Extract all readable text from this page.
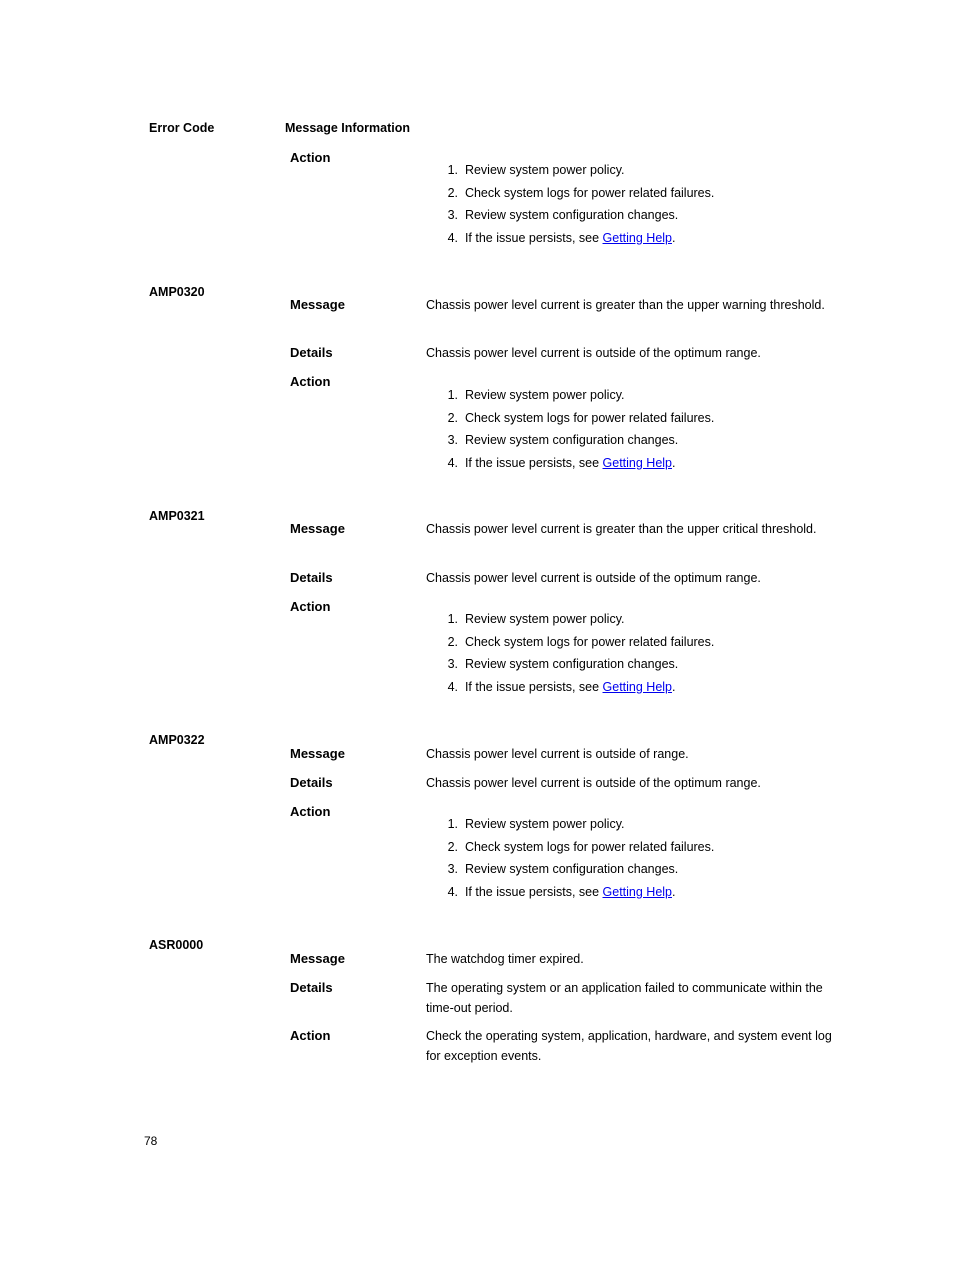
Error Code	Message Information
Action
1. Review system power policy.
2. Check system logs for power related failures.
3. Review system configuration changes.
4. If the issue persists, see Getting Help.
AMP0320
Message	Chassis power level current is greater than the upper warning threshold.
Details	Chassis power level current is outside of the optimum range.
Action
1. Review system power policy.
2. Check system logs for power related failures.
3. Review system configuration changes.
4. If the issue persists, see Getting Help.
AMP0321
Message	Chassis power level current is greater than the upper critical threshold.
Details	Chassis power level current is outside of the optimum range.
Action
1. Review system power policy.
2. Check system logs for power related failures.
3. Review system configuration changes.
4. If the issue persists, see Getting Help.
AMP0322
Message	Chassis power level current is outside of range.
Details	Chassis power level current is outside of the optimum range.
Action
1. Review system power policy.
2. Check system logs for power related failures.
3. Review system configuration changes.
4. If the issue persists, see Getting Help.
ASR0000
Message	The watchdog timer expired.
Details	The operating system or an application failed to communicate within the time-out period.
Action	Check the operating system, application, hardware, and system event log for exception events.
78
